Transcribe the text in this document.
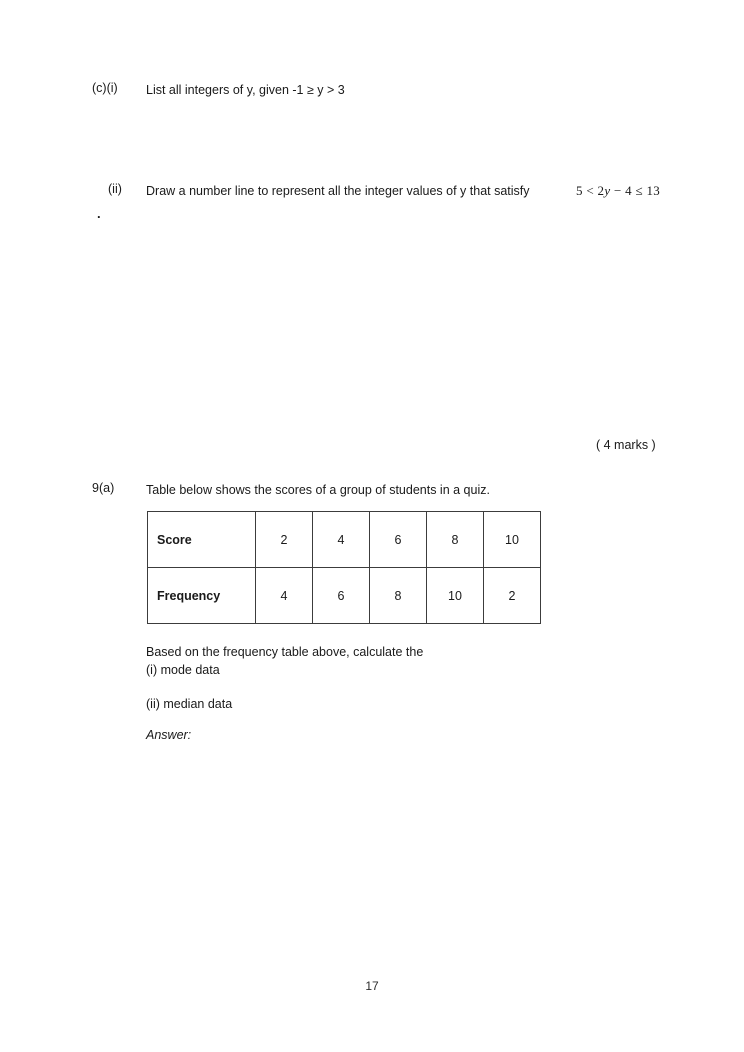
(c)(i) List all integers of y, given -1 ≥ y > 3
(ii) Draw a number line to represent all the integer values of y that satisfy	5 < 2y − 4 ≤ 13
.
( 4 marks )
9(a)	Table below shows the scores of a group of students in a quiz.
Score	2	4	6	8	10
Frequency	4	6	8	10	2
Based on the frequency table above, calculate the
(i) mode data
(ii) median data
Answer:
17
